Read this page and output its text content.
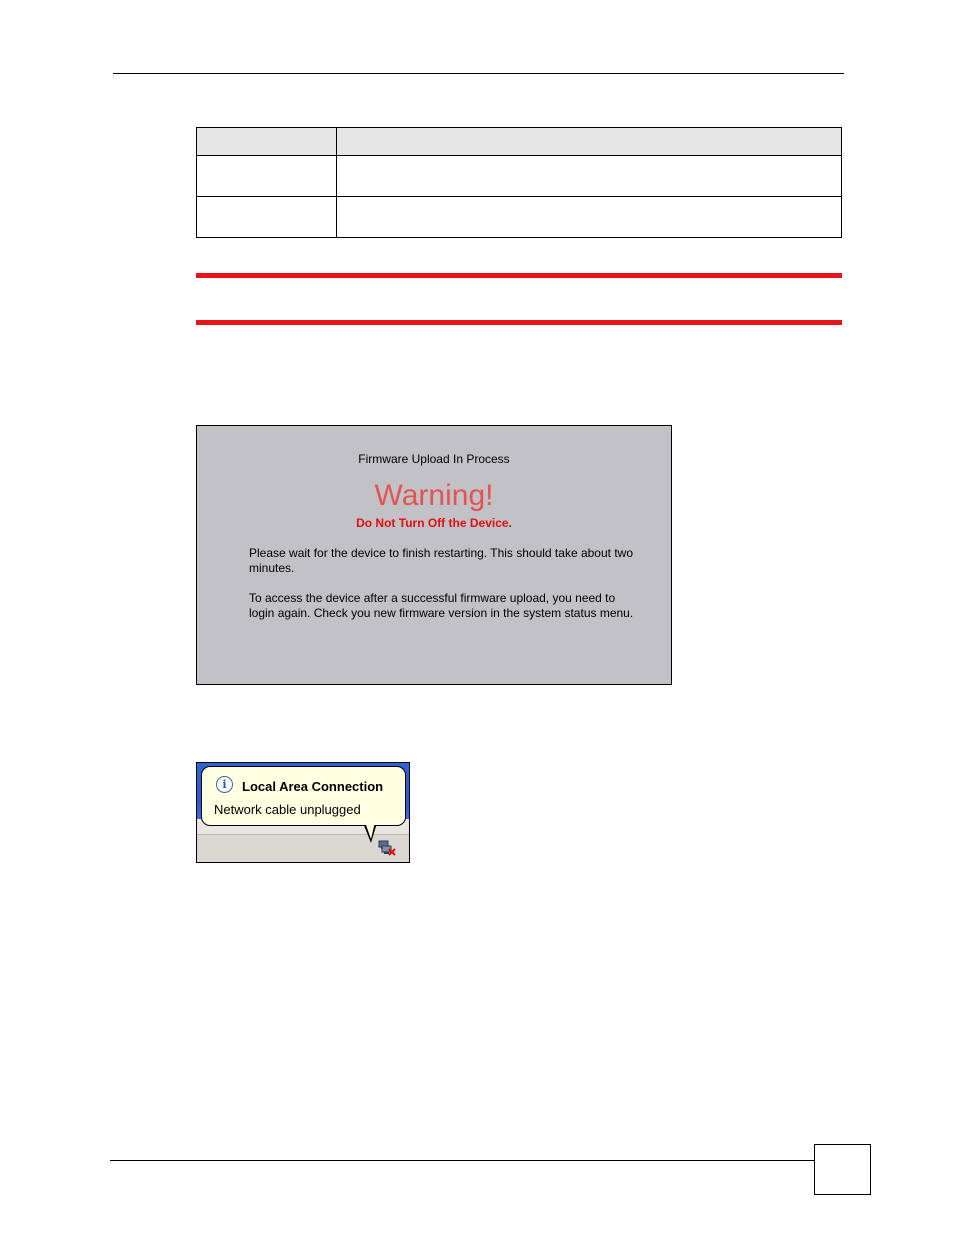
Firmware Upload In Process
Warning!
Do Not Turn Off the Device.
Please wait for the device to finish restarting. This should take about two minutes.
To access the device after a successful firmware upload, you need to login again. Check you new firmware version in the system status menu.
i	Local Area Connection
Network cable unplugged
